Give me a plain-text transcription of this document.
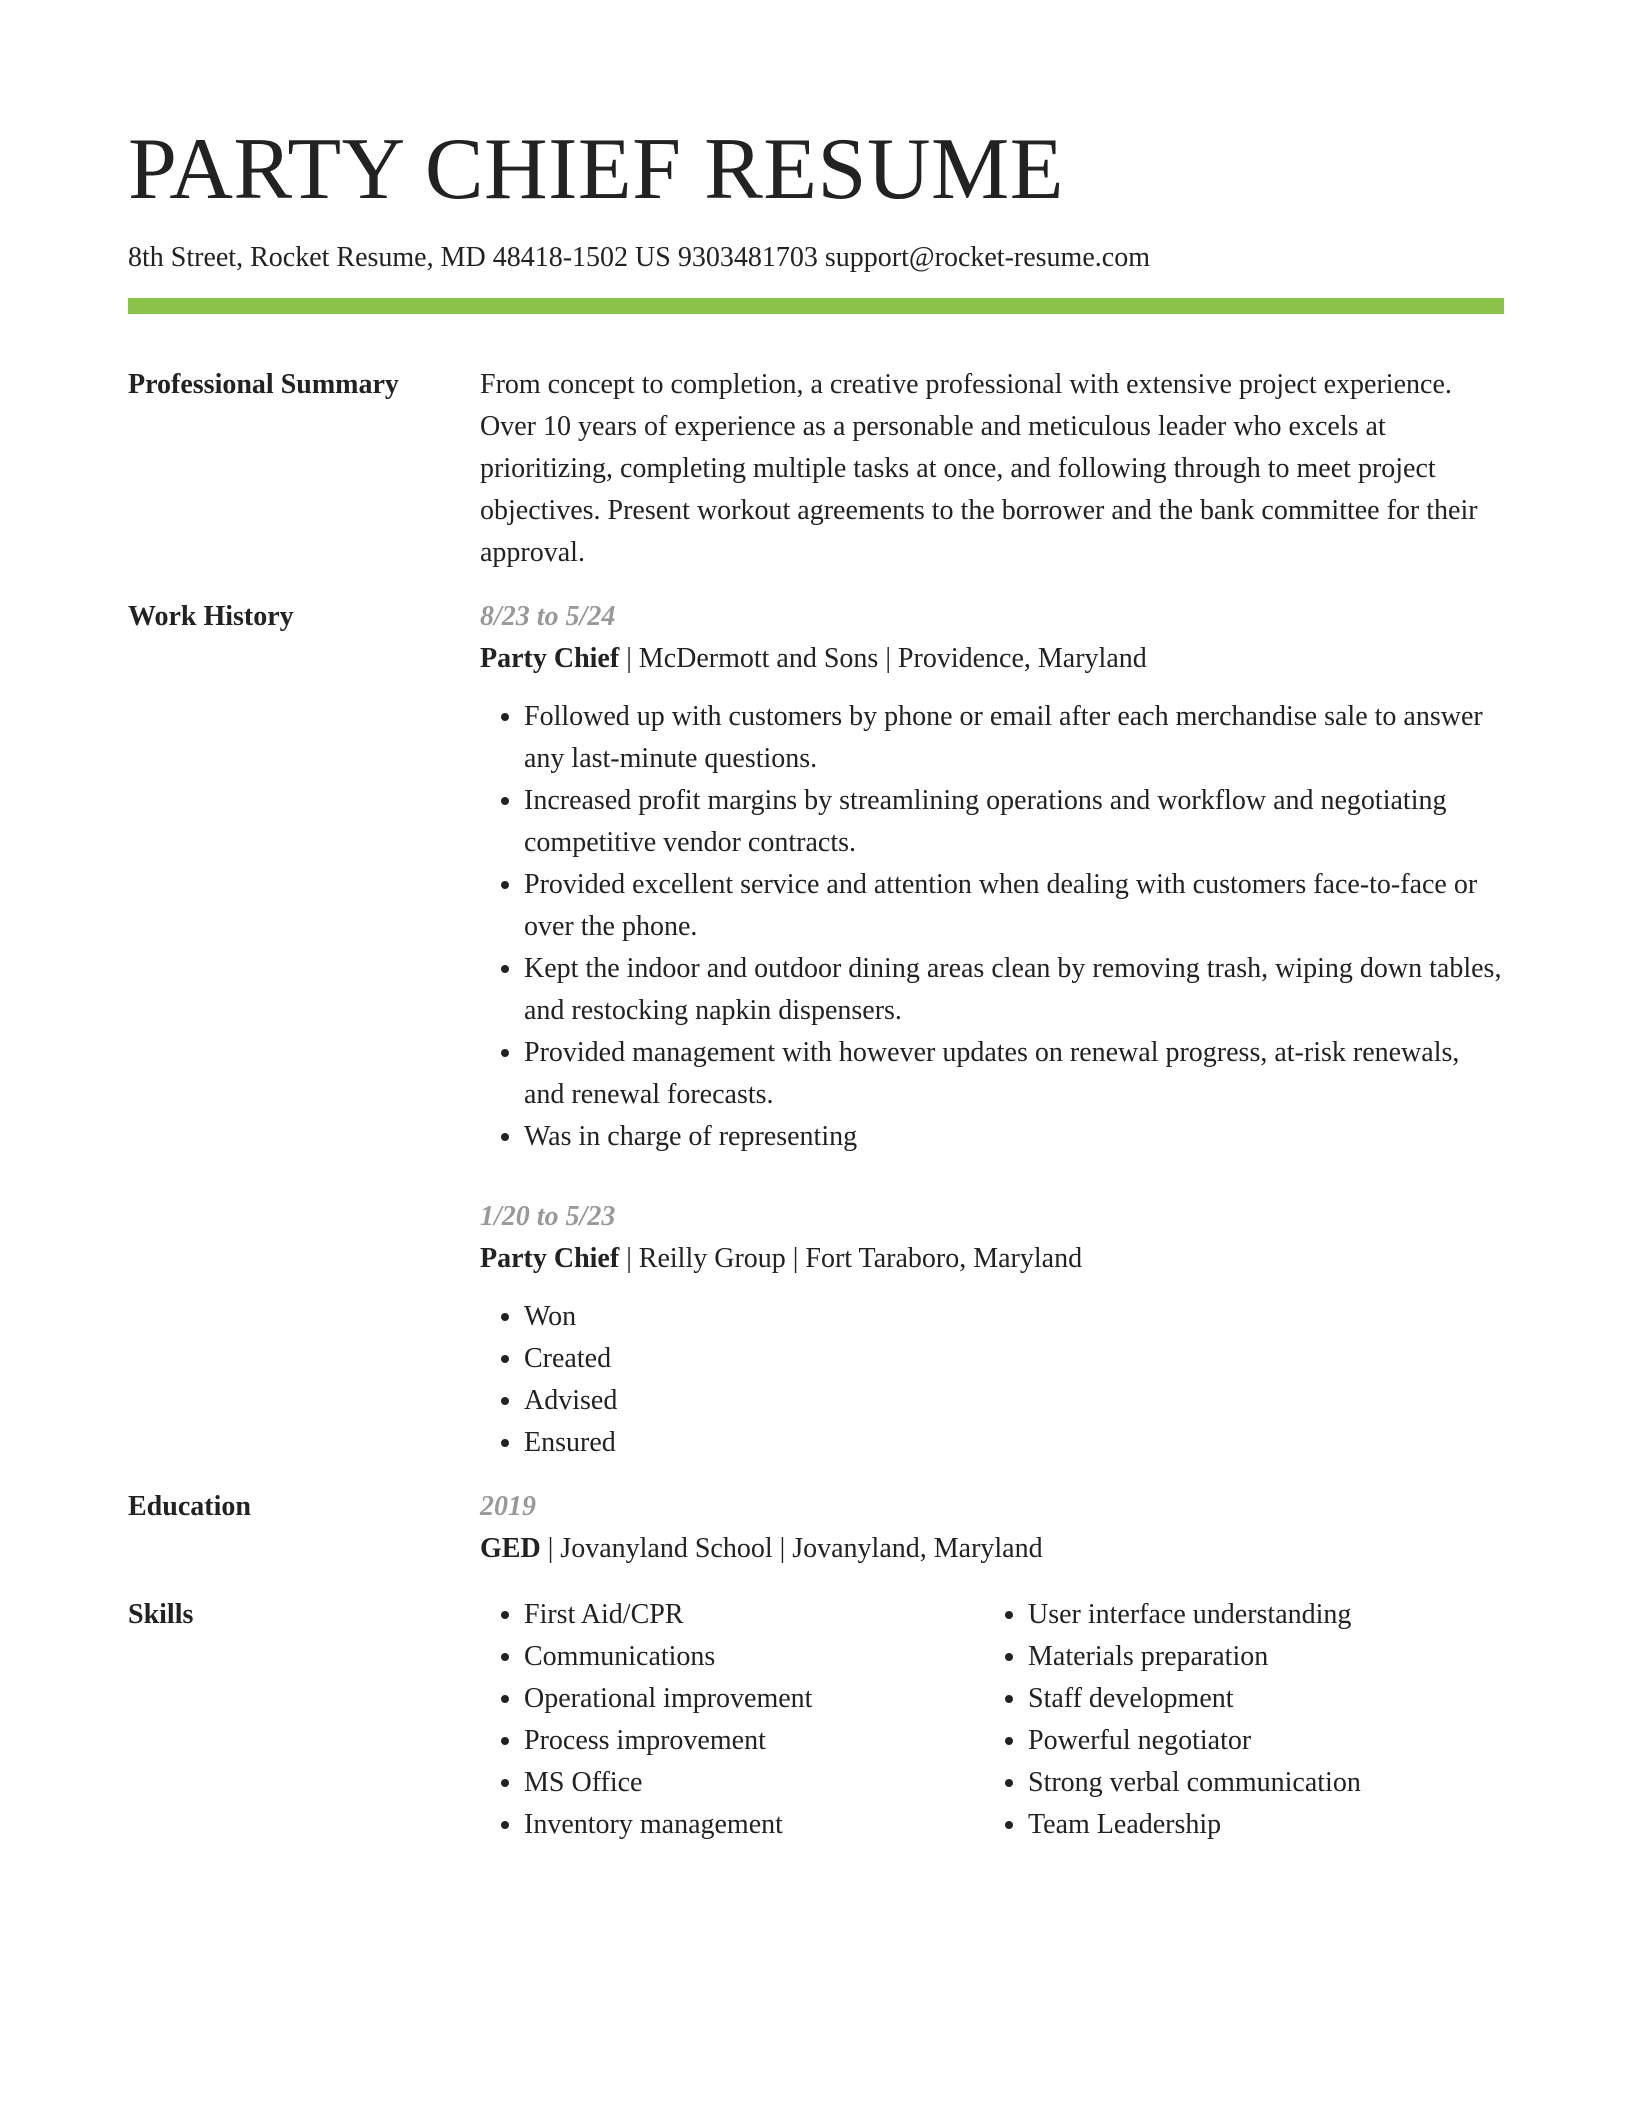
PARTY CHIEF RESUME
8th Street, Rocket Resume, MD 48418-1502 US 9303481703 support@rocket-resume.com
Professional Summary	From concept to completion, a creative professional with extensive project experience. Over 10 years of experience as a personable and meticulous leader who excels at prioritizing, completing multiple tasks at once, and following through to meet project objectives. Present workout agreements to the borrower and the bank committee for their approval.
Work History	8/23 to 5/24
Party Chief | McDermott and Sons | Providence, Maryland
• Followed up with customers by phone or email after each merchandise sale to answer any last-minute questions.
• Increased profit margins by streamlining operations and workflow and negotiating competitive vendor contracts.
• Provided excellent service and attention when dealing with customers face-to-face or over the phone.
• Kept the indoor and outdoor dining areas clean by removing trash, wiping down tables, and restocking napkin dispensers.
• Provided management with however updates on renewal progress, at-risk renewals, and renewal forecasts.
• Was in charge of representing
1/20 to 5/23
Party Chief | Reilly Group | Fort Taraboro, Maryland
• Won
• Created
• Advised
• Ensured
Education	2019
GED | Jovanyland School | Jovanyland, Maryland
Skills
•	First Aid/CPR
• Communications
• Operational improvement
• Process improvement
• MS Office
• Inventory management
• User interface understanding
• Materials preparation
• Staff development
• Powerful negotiator
• Strong verbal communication
• Team Leadership
